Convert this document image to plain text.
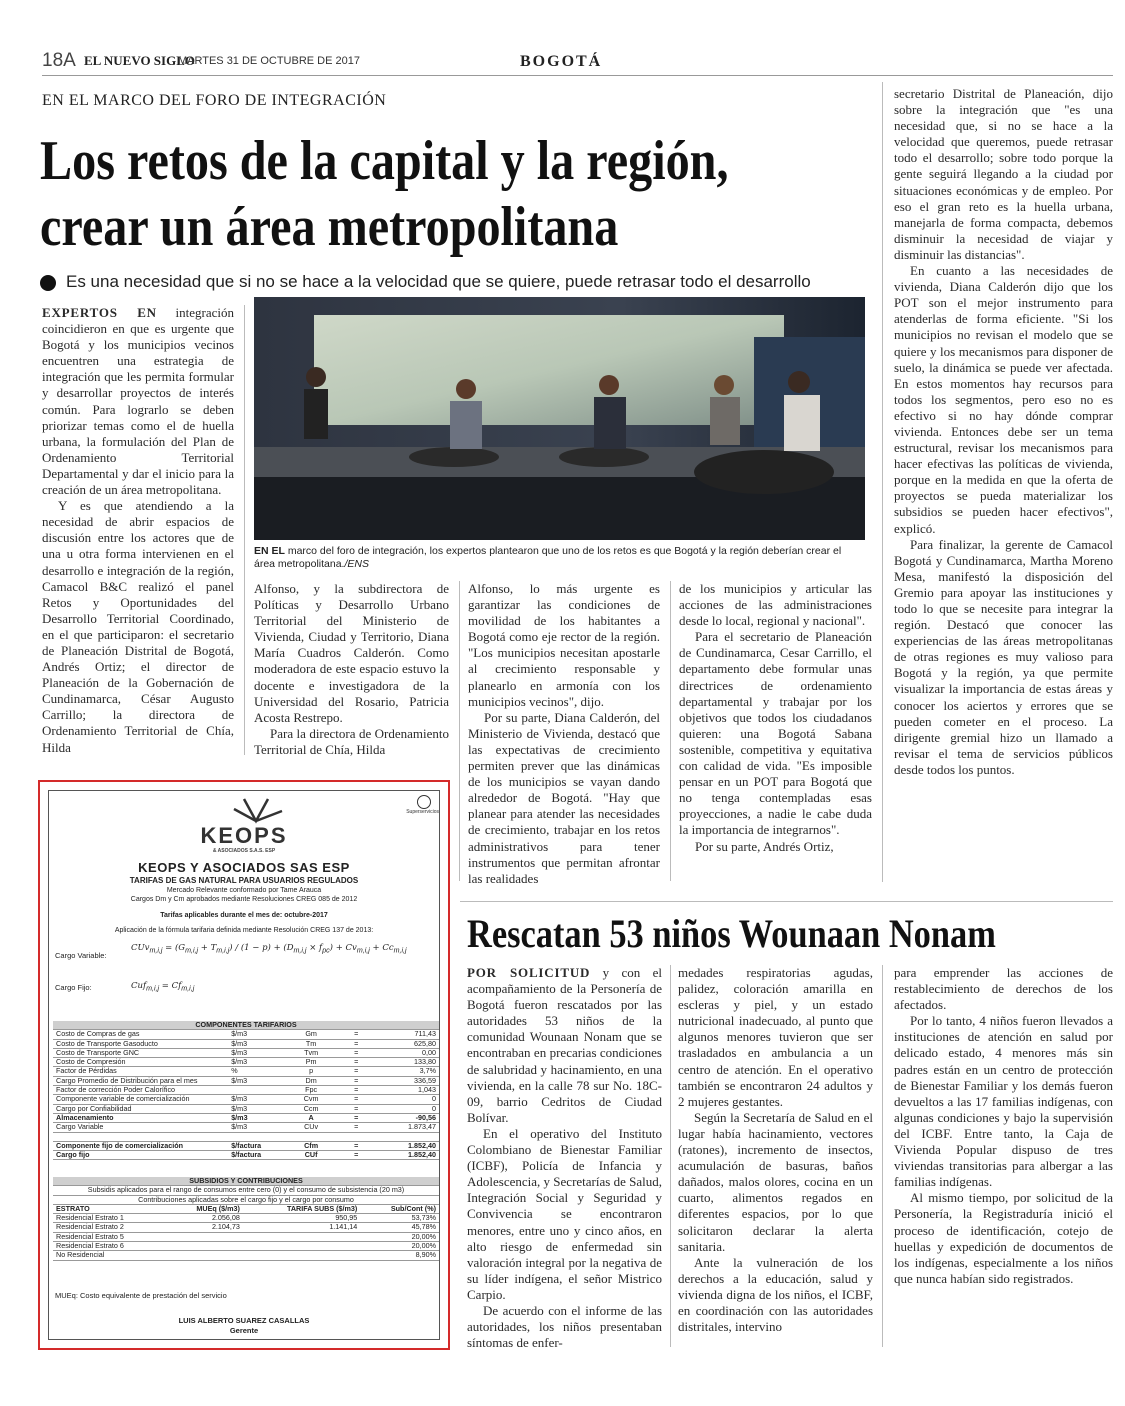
18A EL NUEVO SIGLO
MARTES 31 DE OCTUBRE DE 2017	BOGOTÁ
EN EL MARCO DEL FORO DE INTEGRACIÓN
Los retos de la capital y la región,
crear un área metropolitana
Es una necesidad que si no se hace a la velocidad que se quiere, puede retrasar todo el desarrollo

EXPERTOS EN integración coincidieron en que es urgente que Bogotá y los municipios vecinos encuentren una estrategia de integración que les permita formular y desarrollar proyectos de interés común. Para lograrlo se deben priorizar temas como el de huella urbana, la formulación del Plan de Ordenamiento Territorial Departamental y dar el inicio para la creación de un área metropolitana.

Y es que atendiendo a la necesidad de abrir espacios de discusión entre los actores que de una u otra forma intervienen en el desarrollo e integración de la región, Camacol B&C realizó el panel Retos y Oportunidades del Desarrollo Territorial Coordinado, en el que participaron: el secretario de Planeación Distrital de Bogotá, Andrés Ortiz; el director de Planeación de la Gobernación de Cundinamarca, César Augusto Carrillo; la directora de Ordenamiento Territorial de Chía, Hilda

EN EL marco del foro de integración, los expertos plantearon que uno de los retos es que Bogotá y la región deberían crear el área metropolitana./ENS

Alfonso, y la subdirectora de Políticas y Desarrollo Urbano Territorial del Ministerio de Vivienda, Ciudad y Territorio, Diana María Cuadros Calderón. Como moderadora de este espacio estuvo la docente e investigadora de la Universidad del Rosario, Patricia Acosta Restrepo.

Para la directora de Ordenamiento Territorial de Chía, Hilda

Alfonso, lo más urgente es garantizar las condiciones de movilidad de los habitantes a Bogotá como eje rector de la región. "Los municipios necesitan apostarle al crecimiento responsable y planearlo en armonía con los municipios vecinos", dijo.

Por su parte, Diana Calderón, del Ministerio de Vivienda, destacó que las expectativas de crecimiento permiten prever que las dinámicas de los municipios se vayan dando alrededor de Bogotá. "Hay que planear para atender las necesidades de crecimiento, trabajar en los retos administrativos para tener instrumentos que permitan afrontar las realidades

de los municipios y articular las acciones de las administraciones desde lo local, regional y nacional".

Para el secretario de Planeación de Cundinamarca, Cesar Carrillo, el departamento debe formular unas directrices de ordenamiento departamental y trabajar por los objetivos que todos los ciudadanos quieren: una Bogotá Sabana sostenible, competitiva y equitativa con calidad de vida. "Es imposible pensar en un POT para Bogotá que no tenga contempladas esas proyecciones, a nadie le cabe duda la importancia de integrarnos".

Por su parte, Andrés Ortiz,

secretario Distrital de Planeación, dijo sobre la integración que "es una necesidad que, si no se hace a la velocidad que queremos, puede retrasar todo el desarrollo; sobre todo porque la gente seguirá llegando a la ciudad por situaciones económicas y de empleo. Por eso el gran reto es la huella urbana, manejarla de forma compacta, debemos disminuir la necesidad de viajar y disminuir las distancias".

En cuanto a las necesidades de vivienda, Diana Calderón dijo que los POT son el mejor instrumento para atenderlas de forma eficiente. "Si los municipios no revisan el modelo que se quiere y los mecanismos para disponer de suelo, la dinámica se puede ver afectada. En estos momentos hay recursos para todos los segmentos, pero eso no es efectivo si no hay dónde comprar vivienda. Entonces debe ser un tema estructural, revisar los mecanismos para hacer efectivas las políticas de vivienda, porque en la medida en que la oferta de proyectos se pueda materializar los subsidios se pueden hacer efectivos", explicó.

Para finalizar, la gerente de Camacol Bogotá y Cundinamarca, Martha Moreno Mesa, manifestó la disposición del Gremio para apoyar las instituciones y todo lo que se necesite para integrar la región. Destacó que conocer las experiencias de las áreas metropolitanas de otras regiones es muy valioso para Bogotá y la región, ya que permite visualizar la importancia de estas áreas y conocer los aciertos y errores que se pueden cometer en el proceso. La dirigente gremial hizo un llamado a revisar el tema de servicios públicos desde todos los puntos.

Rescatan 53 niños Wounaan Nonam

POR SOLICITUD y con el acompañamiento de la Personería de Bogotá fueron rescatados por las autoridades 53 niños de la comunidad Wounaan Nonam que se encontraban en precarias condiciones de salubridad y hacinamiento, en una vivienda, en la calle 78 sur No. 18C-09, barrio Cedritos de Ciudad Bolívar.

En el operativo del Instituto Colombiano de Bienestar Familiar (ICBF), Policía de Infancia y Adolescencia, y Secretarías de Salud, Integración Social y Seguridad y Convivencia se encontraron menores, entre uno y cinco años, en alto riesgo de enfermedad sin valoración integral por la negativa de su líder indígena, el señor Mistrico Carpio.

De acuerdo con el informe de las autoridades, los niños presentaban síntomas de enfer-

medades respiratorias agudas, palidez, coloración amarilla en escleras y piel, y un estado nutricional inadecuado, al punto que algunos menores tuvieron que ser trasladados en ambulancia a un centro de atención. En el operativo también se encontraron 24 adultos y 2 mujeres gestantes.

Según la Secretaría de Salud en el lugar había hacinamiento, vectores (ratones), incremento de insectos, acumulación de basuras, baños dañados, malos olores, cocina en un cuarto, alimentos regados en diferentes espacios, por lo que solicitaron declarar la alerta sanitaria.

Ante la vulneración de los derechos a la educación, salud y vivienda digna de los niños, el ICBF, en coordinación con las autoridades distritales, intervino

para emprender las acciones de restablecimiento de derechos de los afectados.

Por lo tanto, 4 niños fueron llevados a instituciones de atención en salud por delicado estado, 4 menores más sin padres están en un centro de protección de Bienestar Familiar y los demás fueron devueltos a las 17 familias indígenas, con algunas condiciones y bajo la supervisión del ICBF. Entre tanto, la Caja de Vivienda Popular dispuso de tres viviendas transitorias para albergar a las familias indígenas.

Al mismo tiempo, por solicitud de la Personería, la Registraduría inició el proceso de identificación, cotejo de huellas y expedición de documentos de los indígenas, especialmente a los niños que nunca habían sido registrados.

KEOPS
& ASOCIADOS S.A.S. ESP
Superservicios
KEOPS Y ASOCIADOS SAS ESP
TARIFAS DE GAS NATURAL PARA USUARIOS REGULADOS
Mercado Relevante conformado por Tame Arauca
Cargos Dm y Cm aprobados mediante Resoluciones CREG 085 de 2012
Tarifas aplicables durante el mes de: octubre-2017
Aplicación de la fórmula tarifaria definida mediante Resolución CREG 137 de 2013:
Cargo Variable:
$CUv_{m,i,j} = (G_{m,i,j} + T_{m,i,j}) / (1 - p) + (D_{m,i,j} \times f_{pc}) + Cv_{m,i,j} + Cc_{m,i,j}$
Cargo Fijo:	$Cuf_{m,i,j} = Cf_{m,i,j}$
COMPONENTES TARIFARIOS				
Costo de Compras de gas	$/m3	Gm	=	711,43
Costo de Transporte Gasoducto	$/m3	Tm	=	625,80
Costo de Transporte GNC	$/m3	Tvm	=	0,00
Costo de Compresión	$/m3	Pm	=	133,80
Factor de Pérdidas	%	p	=	3,7%
Cargo Promedio de Distribución para el mes	$/m3	Dm	=	336,59
Factor de corrección Poder Calorífico		Fpc	=	1,043
Componente variable de comercialización	$/m3	Cvm	=	0
Cargo por Confiabilidad	$/m3	Ccm	=	0
Almacenamiento	$/m3	A	=	-90,56
Cargo Variable	$/m3	CUv	=	1.873,47

Componente fijo de comercialización	$/factura	Cfm	=	1.852,40
Cargo fijo	$/factura	CUf	=	1.852,40
SUBSIDIOS Y CONTRIBUCIONES			
Subsidis aplicados para el rango de consumos entre cero (0) y el consumo de subsistencia (20 m3)			
Contribuciones aplicadas sobre el cargo fijo y el cargo por consumo			
ESTRATO	MUEq ($/m3)	TARIFA SUBS ($/m3)	Sub/Cont (%)
Residencial Estrato 1	2.056,08	950,95	53,73%
Residencial Estrato 2	2.104,73	1.141,14	45,78%
Residencial Estrato 5			20,00%
Residencial Estrato 6			20,00%
No Residencial			8,90%
MUEq: Costo equivalente de prestación del servicio
LUIS ALBERTO SUAREZ CASALLAS
Gerente
